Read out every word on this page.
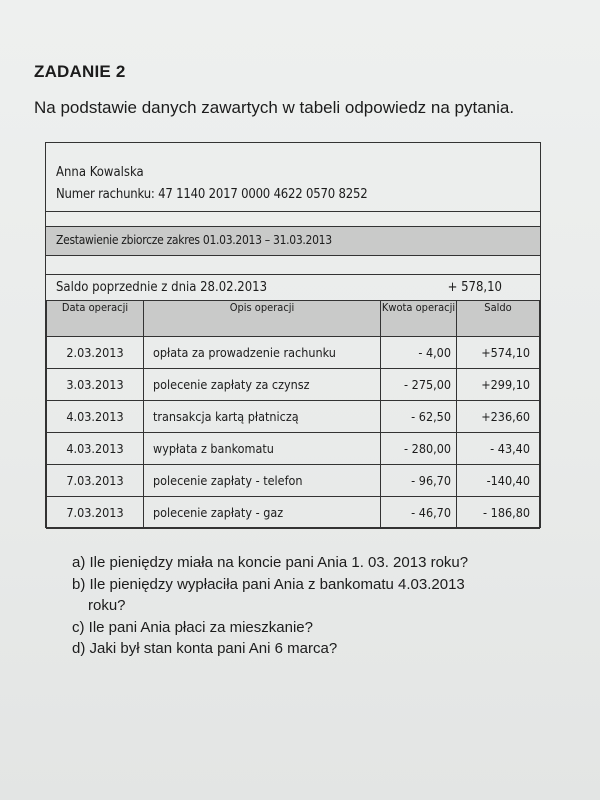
ZADANIE 2
Na podstawie danych zawartych w tabeli odpowiedz na pytania.
Anna Kowalska
Numer rachunku: 47 1140 2017 0000 4622 0570 8252
Zestawienie zbiorcze zakres 01.03.2013 – 31.03.2013
Saldo poprzednie z dnia 28.02.2013	+ 578,10
Data operacji	Opis operacji	Kwota operacji	Saldo
2.03.2013	opłata za prowadzenie rachunku	- 4,00	+574,10
3.03.2013	polecenie zapłaty za czynsz	- 275,00	+299,10
4.03.2013	transakcja kartą płatniczą	- 62,50	+236,60
4.03.2013	wypłata z bankomatu	- 280,00	- 43,40
7.03.2013	polecenie zapłaty - telefon	- 96,70	-140,40
7.03.2013	polecenie zapłaty - gaz	- 46,70	- 186,80
a) Ile pieniędzy miała na koncie pani Ania 1. 03. 2013 roku?
b) Ile pieniędzy wypłaciła pani Ania z bankomatu 4.03.2013
roku?
c) Ile pani Ania płaci za mieszkanie?
d) Jaki był stan konta pani Ani 6 marca?
